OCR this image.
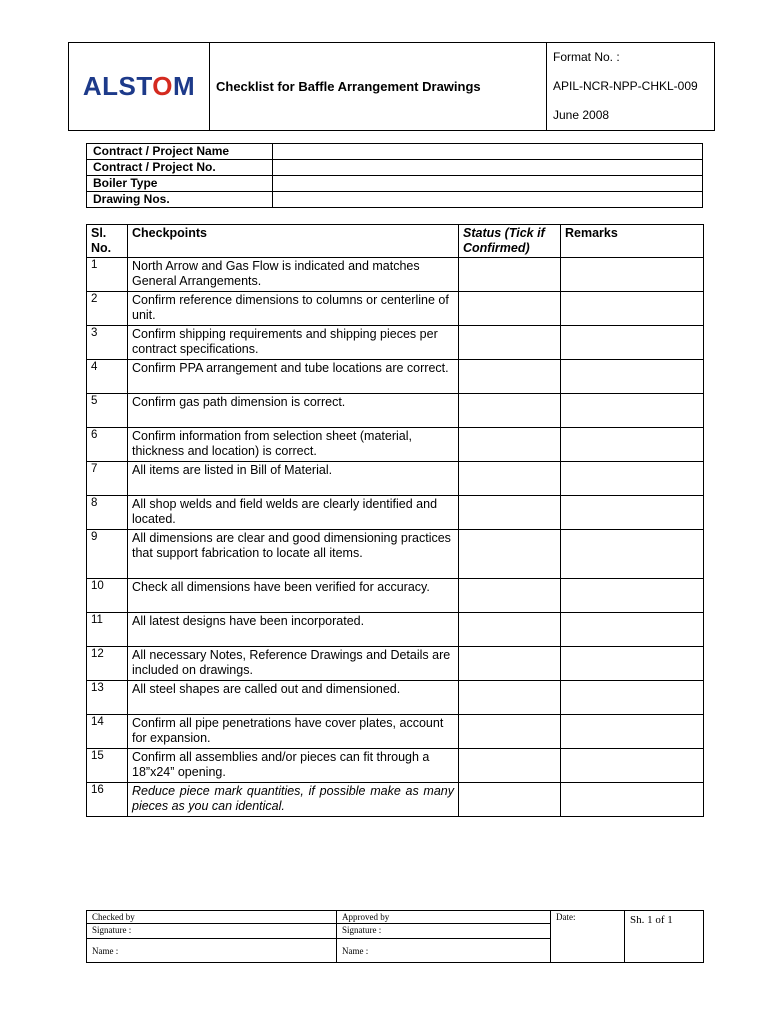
ALSTOM	Checklist for Baffle Arrangement Drawings	
Format No. :
APIL-NCR-NPP-CHKL-009
June 2008
Contract / Project Name	
Contract / Project No.	
Boiler Type	
Drawing Nos.	
Sl. No.	Checkpoints	Status (Tick if Confirmed)	Remarks
1	North Arrow and Gas Flow is indicated and matches General Arrangements.		
2	Confirm reference dimensions to columns or centerline of unit.		
3	Confirm shipping requirements and shipping pieces per contract specifications.		
4	Confirm PPA arrangement and tube locations are correct.		
5	Confirm gas path dimension is correct.		
6	Confirm information from selection sheet (material, thickness and location) is correct.		
7	All items are listed in Bill of Material.		
8	All shop welds and field welds are clearly identified and located.		
9	All dimensions are clear and good dimensioning practices that support fabrication to locate all items.		
10	Check all dimensions have been verified for accuracy.		
11	All latest designs have been incorporated.		
12	All necessary Notes, Reference Drawings and Details are included on drawings.		
13	All steel shapes are called out and dimensioned.		
14	Confirm all pipe penetrations have cover plates, account for expansion.		
15	Confirm all assemblies and/or pieces can fit through a 18”x24” opening.		
16	Reduce piece mark quantities, if possible make as many pieces as you can identical.		
Checked by	Approved by	Date:	Sh. 1 of 1
Signature :	Signature :		
Name :	Name :		
